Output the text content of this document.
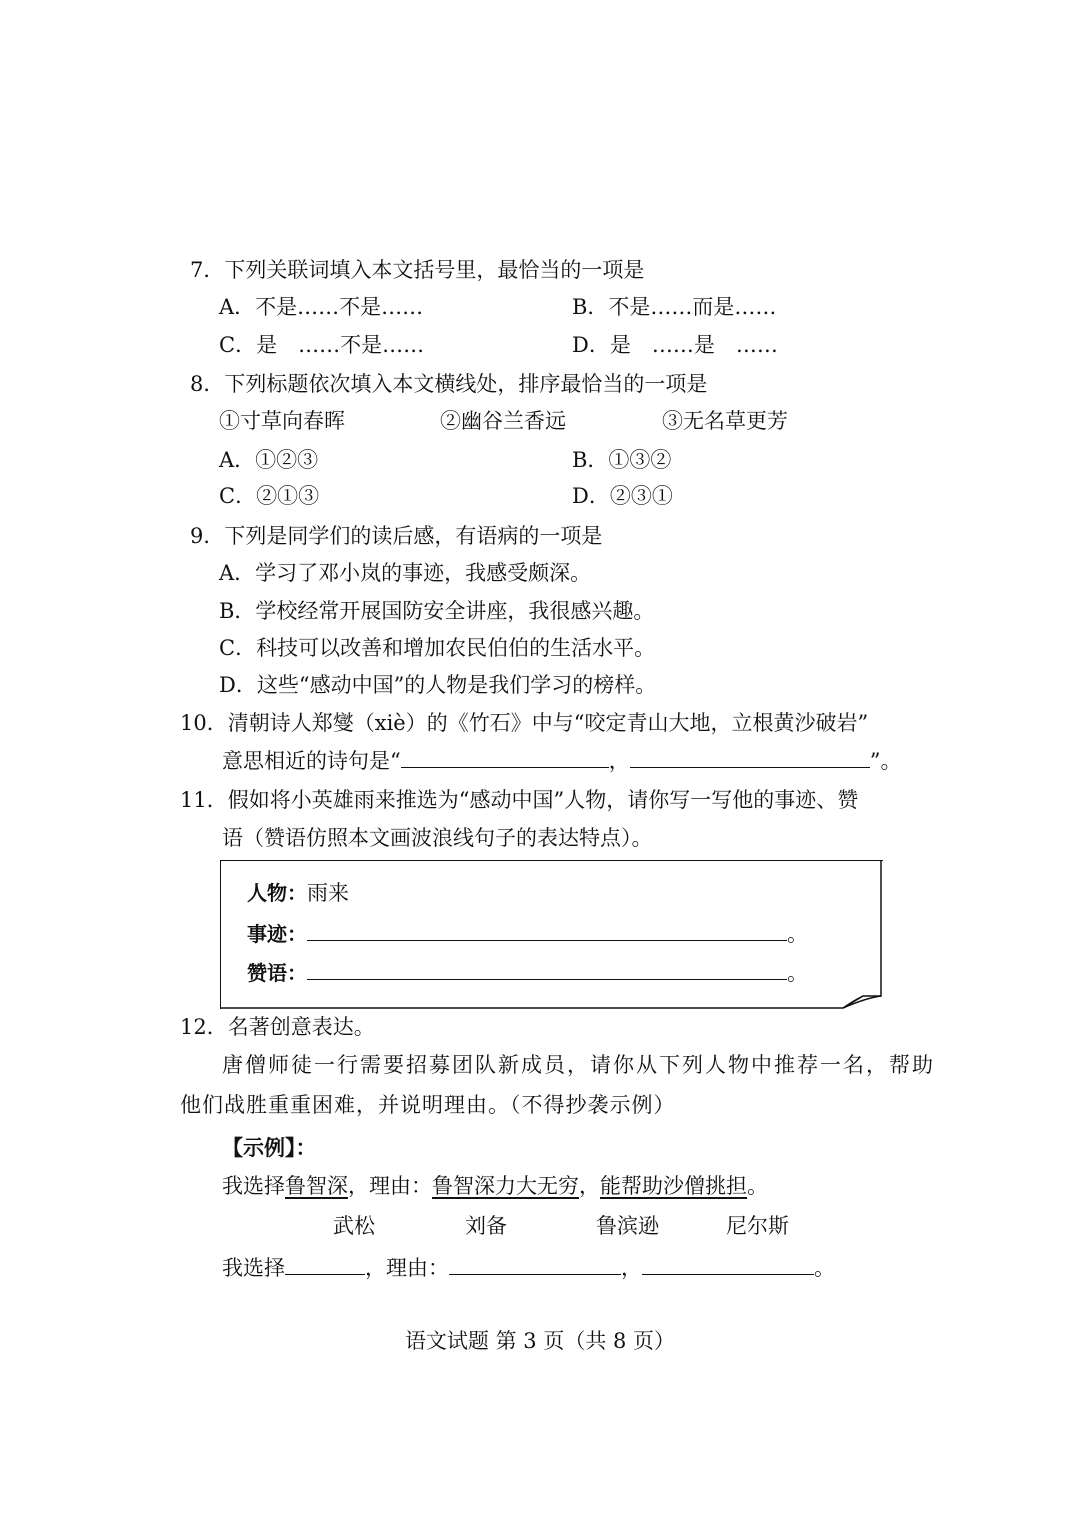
7．下列关联词填入本文括号里，最恰当的一项是
A．不是……不是……	B．不是……而是……
C．是　……不是……	D．是　……是　……
8．下列标题依次填入本文横线处，排序最恰当的一项是
①寸草向春晖	②幽谷兰香远	③无名草更芳
A．①②③	B．①③②
C．②①③	D．②③①
9．下列是同学们的读后感，有语病的一项是
A．学习了邓小岚的事迹，我感受颇深。
B．学校经常开展国防安全讲座，我很感兴趣。
C．科技可以改善和增加农民伯伯的生活水平。
D．这些“感动中国”的人物是我们学习的榜样。
10．清朝诗人郑燮（xiè）的《竹石》中与“咬定青山大地，立根黄沙破岩”
意思相近的诗句是“	，	”。
11．假如将小英雄雨来推选为“感动中国”人物，请你写一写他的事迹、赞
语（赞语仿照本文画波浪线句子的表达特点）。
人物：雨来
事迹：	。
赞语：	。
12．名著创意表达。
唐僧师徒一行需要招募团队新成员，请你从下列人物中推荐一名，帮助
他们战胜重重困难，并说明理由。（不得抄袭示例）
【示例】：
我选择鲁智深，理由：鲁智深力大无穷，能帮助沙僧挑担。
武松	刘备	鲁滨逊	尼尔斯
我选择	，理由：	，	。
语文试题 第 3 页（共 8 页）
